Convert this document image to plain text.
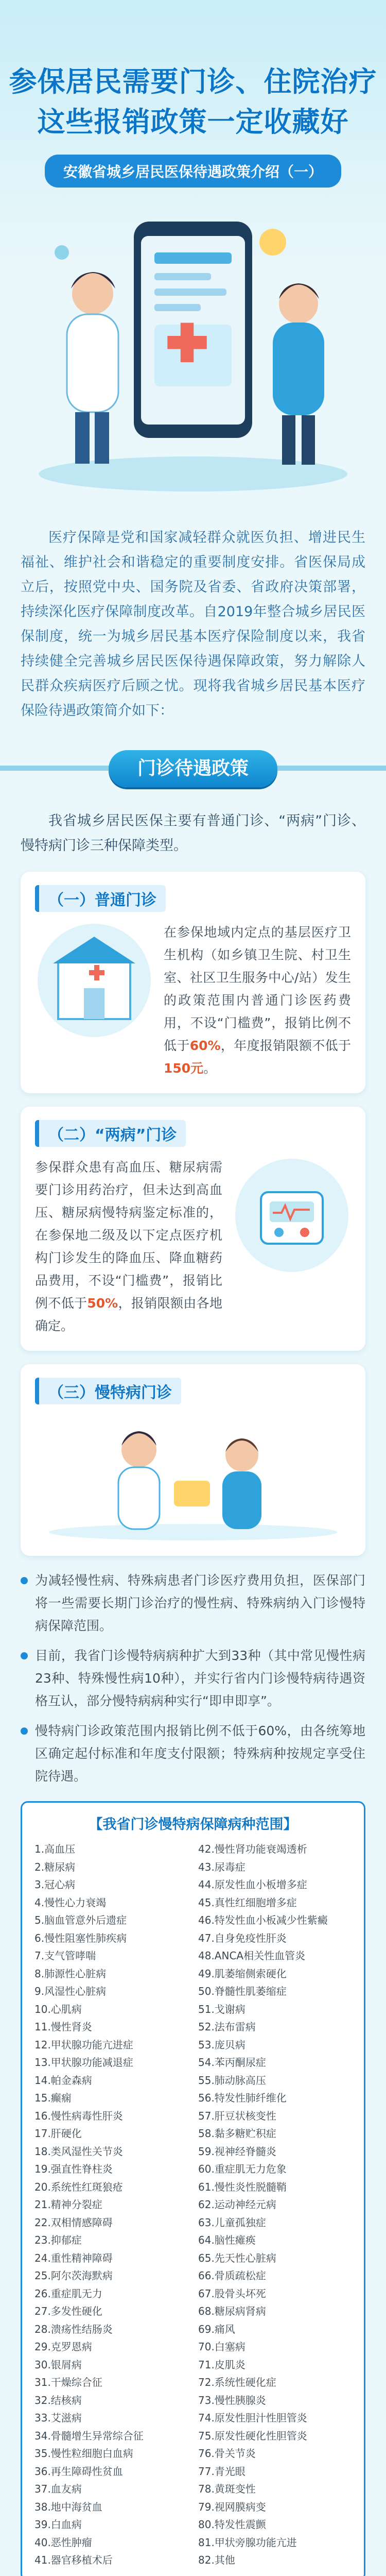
参保居民需要门诊、住院治疗
这些报销政策一定收藏好
安徽省城乡居民医保待遇政策介绍（一）

医疗保障是党和国家减轻群众就医负担、增进民生福祉、维护社会和谐稳定的重要制度安排。省医保局成立后，按照党中央、国务院及省委、省政府决策部署，持续深化医疗保障制度改革。自2019年整合城乡居民医保制度，统一为城乡居民基本医疗保险制度以来，我省持续健全完善城乡居民医保待遇保障政策，努力解除人民群众疾病医疗后顾之忧。现将我省城乡居民基本医疗保险待遇政策简介如下：

门诊待遇政策

我省城乡居民医保主要有普通门诊、“两病”门诊、慢特病门诊三种保障类型。

（一）普通门诊
在参保地域内定点的基层医疗卫生机构（如乡镇卫生院、村卫生室、社区卫生服务中心/站）发生的政策范围内普通门诊医药费用，不设“门槛费”，报销比例不低于60%，年度报销限额不低于150元。
（二）“两病”门诊
参保群众患有高血压、糖尿病需要门诊用药治疗，但未达到高血压、糖尿病慢特病鉴定标准的，在参保地二级及以下定点医疗机构门诊发生的降血压、降血糖药品费用，不设“门槛费”，报销比例不低于50%，报销限额由各地确定。
（三）慢特病门诊
为减轻慢性病、特殊病患者门诊医疗费用负担，医保部门将一些需要长期门诊治疗的慢性病、特殊病纳入门诊慢特病保障范围。
目前，我省门诊慢特病病种扩大到33种（其中常见慢性病23种、特殊慢性病10种），并实行省内门诊慢特病待遇资格互认，部分慢特病病种实行“即申即享”。
慢特病门诊政策范围内报销比例不低于60%，由各统筹地区确定起付标准和年度支付限额；特殊病种按规定享受住院待遇。
【我省门诊慢特病保障病种范围】
1.高血压
2.糖尿病
3.冠心病
4.慢性心力衰竭
5.脑血管意外后遗症
6.慢性阻塞性肺疾病
7.支气管哮喘
8.肺源性心脏病
9.风湿性心脏病
10.心肌病
11.慢性肾炎
12.甲状腺功能亢进症
13.甲状腺功能减退症
14.帕金森病
15.癫痫
16.慢性病毒性肝炎
17.肝硬化
18.类风湿性关节炎
19.强直性脊柱炎
20.系统性红斑狼疮
21.精神分裂症
22.双相情感障碍
23.抑郁症
24.重性精神障碍
25.阿尔茨海默病
26.重症肌无力
27.多发性硬化
28.溃疡性结肠炎
29.克罗恩病
30.银屑病
31.干燥综合征
32.结核病
33.艾滋病
34.骨髓增生异常综合征
35.慢性粒细胞白血病
36.再生障碍性贫血
37.血友病
38.地中海贫血
39.白血病
40.恶性肿瘤
41.器官移植术后
42.慢性肾功能衰竭透析
43.尿毒症
44.原发性血小板增多症
45.真性红细胞增多症
46.特发性血小板减少性紫癜
47.自身免疫性肝炎
48.ANCA相关性血管炎
49.肌萎缩侧索硬化
50.脊髓性肌萎缩症
51.戈谢病
52.法布雷病
53.庞贝病
54.苯丙酮尿症
55.肺动脉高压
56.特发性肺纤维化
57.肝豆状核变性
58.黏多糖贮积症
59.视神经脊髓炎
60.重症肌无力危象
61.慢性炎性脱髓鞘
62.运动神经元病
63.儿童孤独症
64.脑性瘫痪
65.先天性心脏病
66.骨质疏松症
67.股骨头坏死
68.糖尿病肾病
69.痛风
70.白塞病
71.皮肌炎
72.系统性硬化症
73.慢性胰腺炎
74.原发性胆汁性胆管炎
75.原发性硬化性胆管炎
76.骨关节炎
77.青光眼
78.黄斑变性
79.视网膜病变
80.特发性震颤
81.甲状旁腺功能亢进
82.其他
